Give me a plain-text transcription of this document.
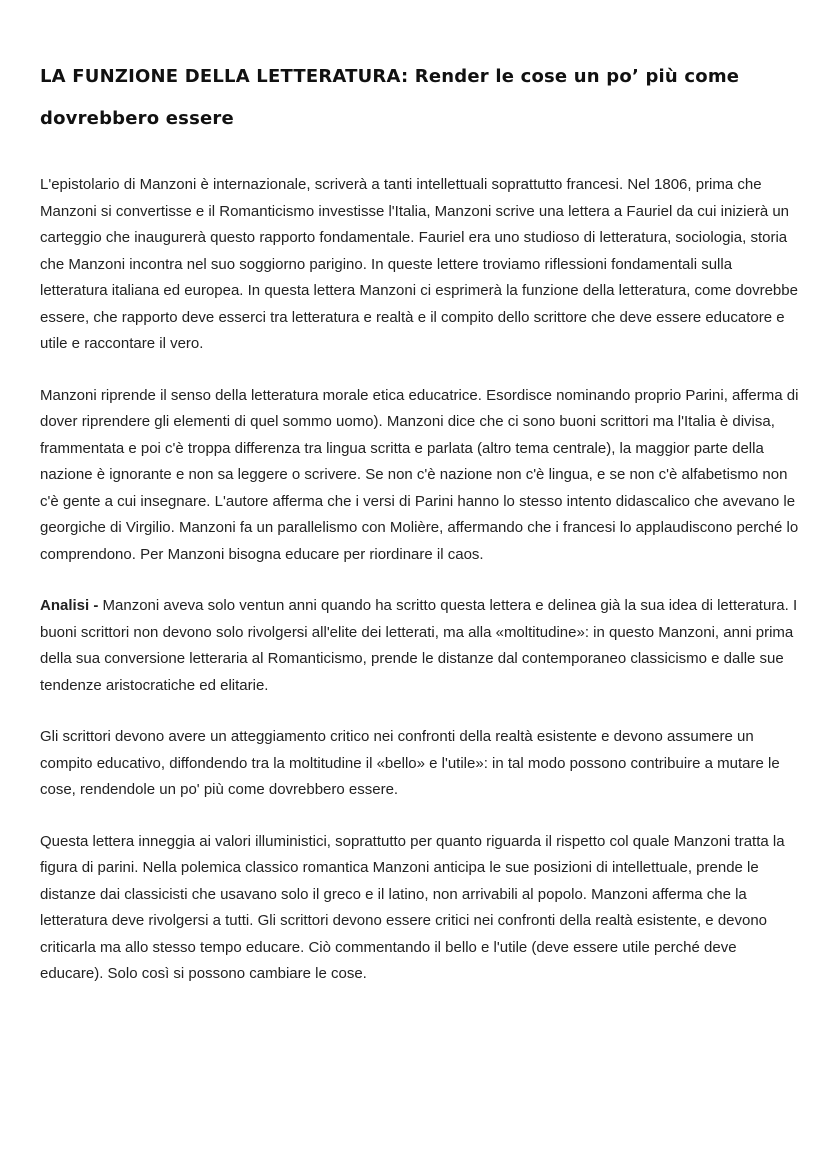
LA FUNZIONE DELLA LETTERATURA: Render le cose un po’ più come dovrebbero essere

L'epistolario di Manzoni è internazionale, scriverà a tanti intellettuali soprattutto francesi. Nel 1806, prima che Manzoni si convertisse e il Romanticismo investisse l'Italia, Manzoni scrive una lettera a Fauriel da cui inizierà un carteggio che inaugurerà questo rapporto fondamentale. Fauriel era uno studioso di letteratura, sociologia, storia che Manzoni incontra nel suo soggiorno parigino. In queste lettere troviamo riflessioni fondamentali sulla letteratura italiana ed europea. In questa lettera Manzoni ci esprimerà la funzione della letteratura, come dovrebbe essere, che rapporto deve esserci tra letteratura e realtà e il compito dello scrittore che deve essere educatore e utile e raccontare il vero.

Manzoni riprende il senso della letteratura morale etica educatrice. Esordisce nominando proprio Parini, afferma di dover riprendere gli elementi di quel sommo uomo). Manzoni dice che ci sono buoni scrittori ma l'Italia è divisa, frammentata e poi c'è troppa differenza tra lingua scritta e parlata (altro tema centrale), la maggior parte della nazione è ignorante e non sa leggere o scrivere. Se non c'è nazione non c'è lingua, e se non c'è alfabetismo non c'è gente a cui insegnare. L'autore afferma che i versi di Parini hanno lo stesso intento didascalico che avevano le georgiche di Virgilio. Manzoni fa un parallelismo con Molière, affermando che i francesi lo applaudiscono perché lo comprendono. Per Manzoni bisogna educare per riordinare il caos.

Analisi - Manzoni aveva solo ventun anni quando ha scritto questa lettera e delinea già la sua idea di letteratura. I buoni scrittori non devono solo rivolgersi all'elite dei letterati, ma alla «moltitudine»: in questo Manzoni, anni prima della sua conversione letteraria al Romanticismo, prende le distanze dal contemporaneo classicismo e dalle sue tendenze aristocratiche ed elitarie.

Gli scrittori devono avere un atteggiamento critico nei confronti della realtà esistente e devono assumere un compito educativo, diffondendo tra la moltitudine il «bello» e l'utile»: in tal modo possono contribuire a mutare le cose, rendendole un po' più come dovrebbero essere.

Questa lettera inneggia ai valori illuministici, soprattutto per quanto riguarda il rispetto col quale Manzoni tratta la figura di parini. Nella polemica classico romantica Manzoni anticipa le sue posizioni di intellettuale, prende le distanze dai classicisti che usavano solo il greco e il latino, non arrivabili al popolo. Manzoni afferma che la letteratura deve rivolgersi a tutti. Gli scrittori devono essere critici nei confronti della realtà esistente, e devono criticarla ma allo stesso tempo educare. Ciò commentando il bello e l'utile (deve essere utile perché deve educare). Solo così si possono cambiare le cose.
